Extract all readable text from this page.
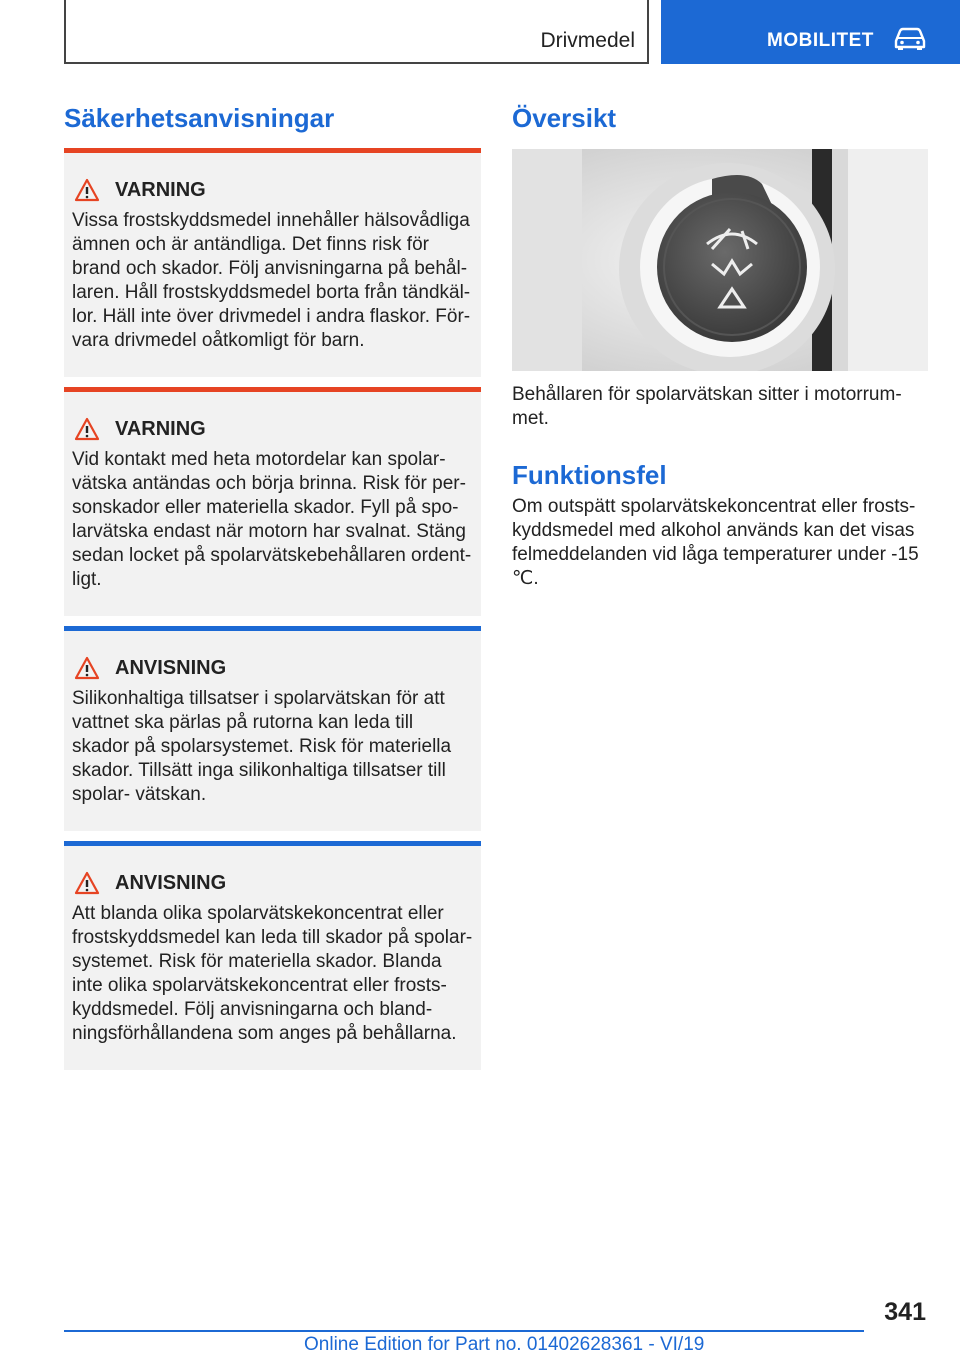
Drivmedel	MOBILITET
Säkerhetsanvisningar
VARNING

Vissa frostskyddsmedel innehåller hälsovådliga ämnen och är antändliga. Det finns risk för brand och skador. Följ anvisningarna på behål- laren. Håll frostskyddsmedel borta från tändkäl- lor. Häll inte över drivmedel i andra flaskor. För- vara drivmedel oåtkomligt för barn.

VARNING

Vid kontakt med heta motordelar kan spolar- vätska antändas och börja brinna. Risk för per- sonskador eller materiella skador. Fyll på spo- larvätska endast när motorn har svalnat. Stäng sedan locket på spolarvätskebehållaren ordent- ligt.

ANVISNING

Silikonhaltiga tillsatser i spolarvätskan för att vattnet ska pärlas på rutorna kan leda till skador på spolarsystemet. Risk för materiella skador. Tillsätt inga silikonhaltiga tillsatser till spolar- vätskan.

ANVISNING

Att blanda olika spolarvätskekoncentrat eller frostskyddsmedel kan leda till skador på spolar- systemet. Risk för materiella skador. Blanda inte olika spolarvätskekoncentrat eller frosts- kyddsmedel. Följ anvisningarna och bland- ningsförhållandena som anges på behållarna.

Översikt

Behållaren för spolarvätskan sitter i motorrum- met.

Funktionsfel

Om outspätt spolarvätskekoncentrat eller frosts- kyddsmedel med alkohol används kan det visas felmeddelanden vid låga temperaturer under -15 ℃.

341
Online Edition for Part no. 01402628361 - VI/19
